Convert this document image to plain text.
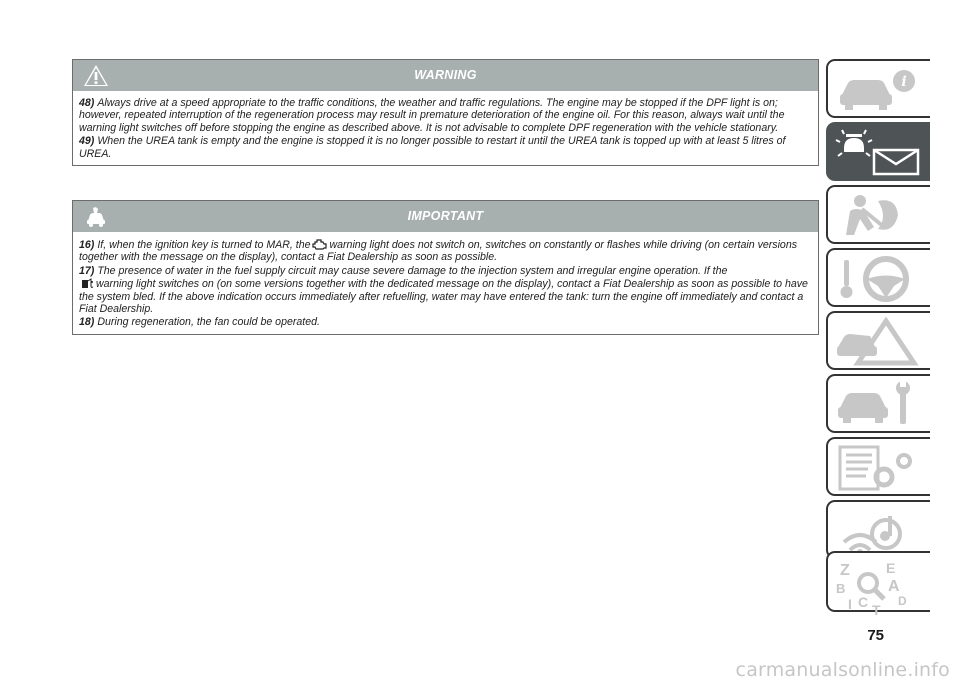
WARNING
48) Always drive at a speed appropriate to the traffic conditions, the weather and traffic regulations. The engine may be stopped if the DPF light is on; however, repeated interruption of the regeneration process may result in premature deterioration of the engine oil. For this reason, always wait until the warning light switches off before stopping the engine as described above. It is not advisable to complete DPF regeneration with the vehicle stationary.
49) When the UREA tank is empty and the engine is stopped it is no longer possible to restart it until the UREA tank is topped up with at least 5 litres of UREA.
IMPORTANT
16) If, when the ignition key is turned to MAR, the warning light does not switch on, switches on constantly or flashes while driving (on certain versions together with the message on the display), contact a Fiat Dealership as soon as possible.
17) The presence of water in the fuel supply circuit may cause severe damage to the injection system and irregular engine operation. If the
warning light switches on (on some versions together with the dedicated message on the display), contact a Fiat Dealership as soon as possible to have the system bled. If the above indication occurs immediately after refuelling, water may have entered the tank: turn the engine off immediately and contact a Fiat Dealership.
18) During regeneration, the fan could be operated.
i
Z	E
A
B
C D
I T
75
carmanualsonline.info
